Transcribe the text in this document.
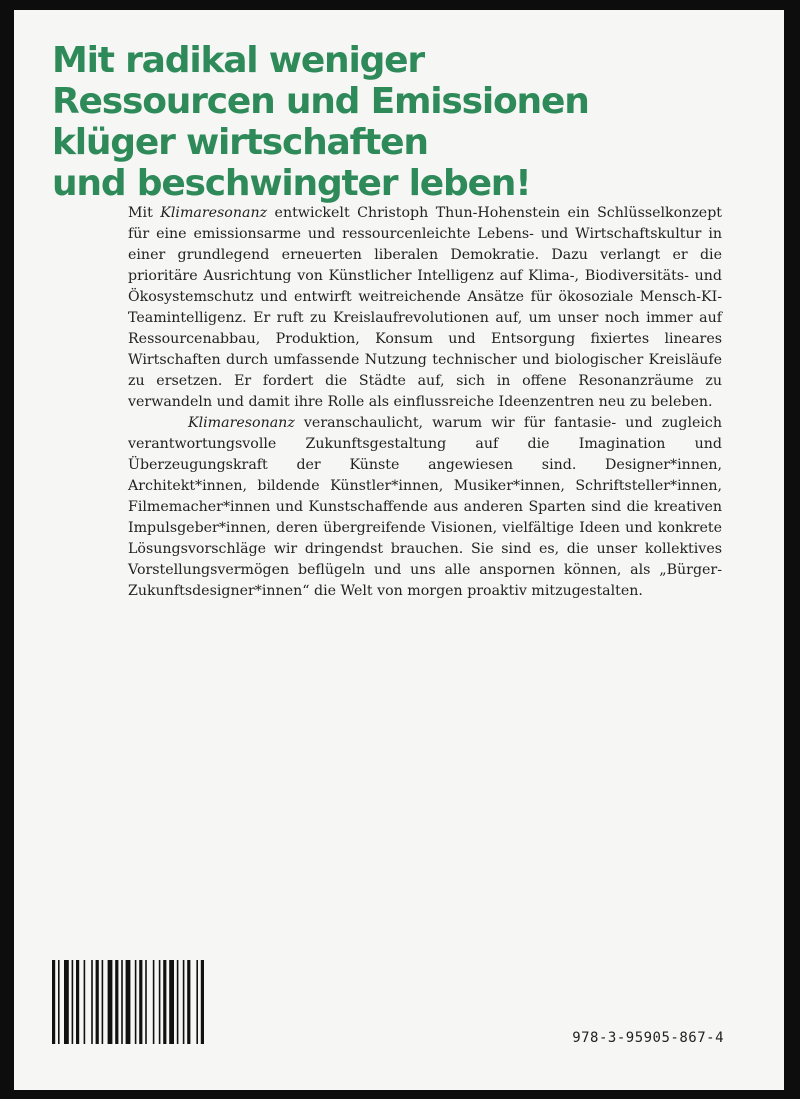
Mit radikal weniger
Ressourcen und Emissionen
klüger wirtschaften
und beschwingter leben!

Mit Klimaresonanz entwickelt Christoph Thun-Hohenstein ein Schlüsselkonzept für eine emissionsarme und ressourcenleichte Lebens- und Wirtschaftskultur in einer grundlegend erneuerten liberalen Demokratie. Dazu verlangt er die prioritäre Ausrichtung von Künstlicher Intelligenz auf Klima-, Biodiversitäts- und Ökosystemschutz und entwirft weitreichende Ansätze für ökosoziale Mensch-KI-Teamintelligenz. Er ruft zu Kreislaufrevolutionen auf, um unser noch immer auf Ressourcenabbau, Produktion, Konsum und Entsorgung fixiertes lineares Wirtschaften durch umfassende Nutzung technischer und biologischer Kreisläufe zu ersetzen. Er fordert die Städte auf, sich in offene Resonanzräume zu verwandeln und damit ihre Rolle als einflussreiche Ideenzentren neu zu beleben.

Klimaresonanz veranschaulicht, warum wir für fantasie- und zugleich verantwortungsvolle Zukunftsgestaltung auf die Imagination und Überzeugungskraft der Künste angewiesen sind. Designer*innen, Architekt*innen, bildende Künstler*innen, Musiker*innen, Schriftsteller*innen, Filmemacher*innen und Kunstschaffende aus anderen Sparten sind die kreativen Impulsgeber*innen, deren übergreifende Visionen, vielfältige Ideen und konkrete Lösungsvorschläge wir dringendst brauchen. Sie sind es, die unser kollektives Vorstellungsvermögen beflügeln und uns alle anspornen können, als „Bürger-Zukunftsdesigner*innen“ die Welt von morgen proaktiv mitzugestalten.

978-3-95905-867-4
